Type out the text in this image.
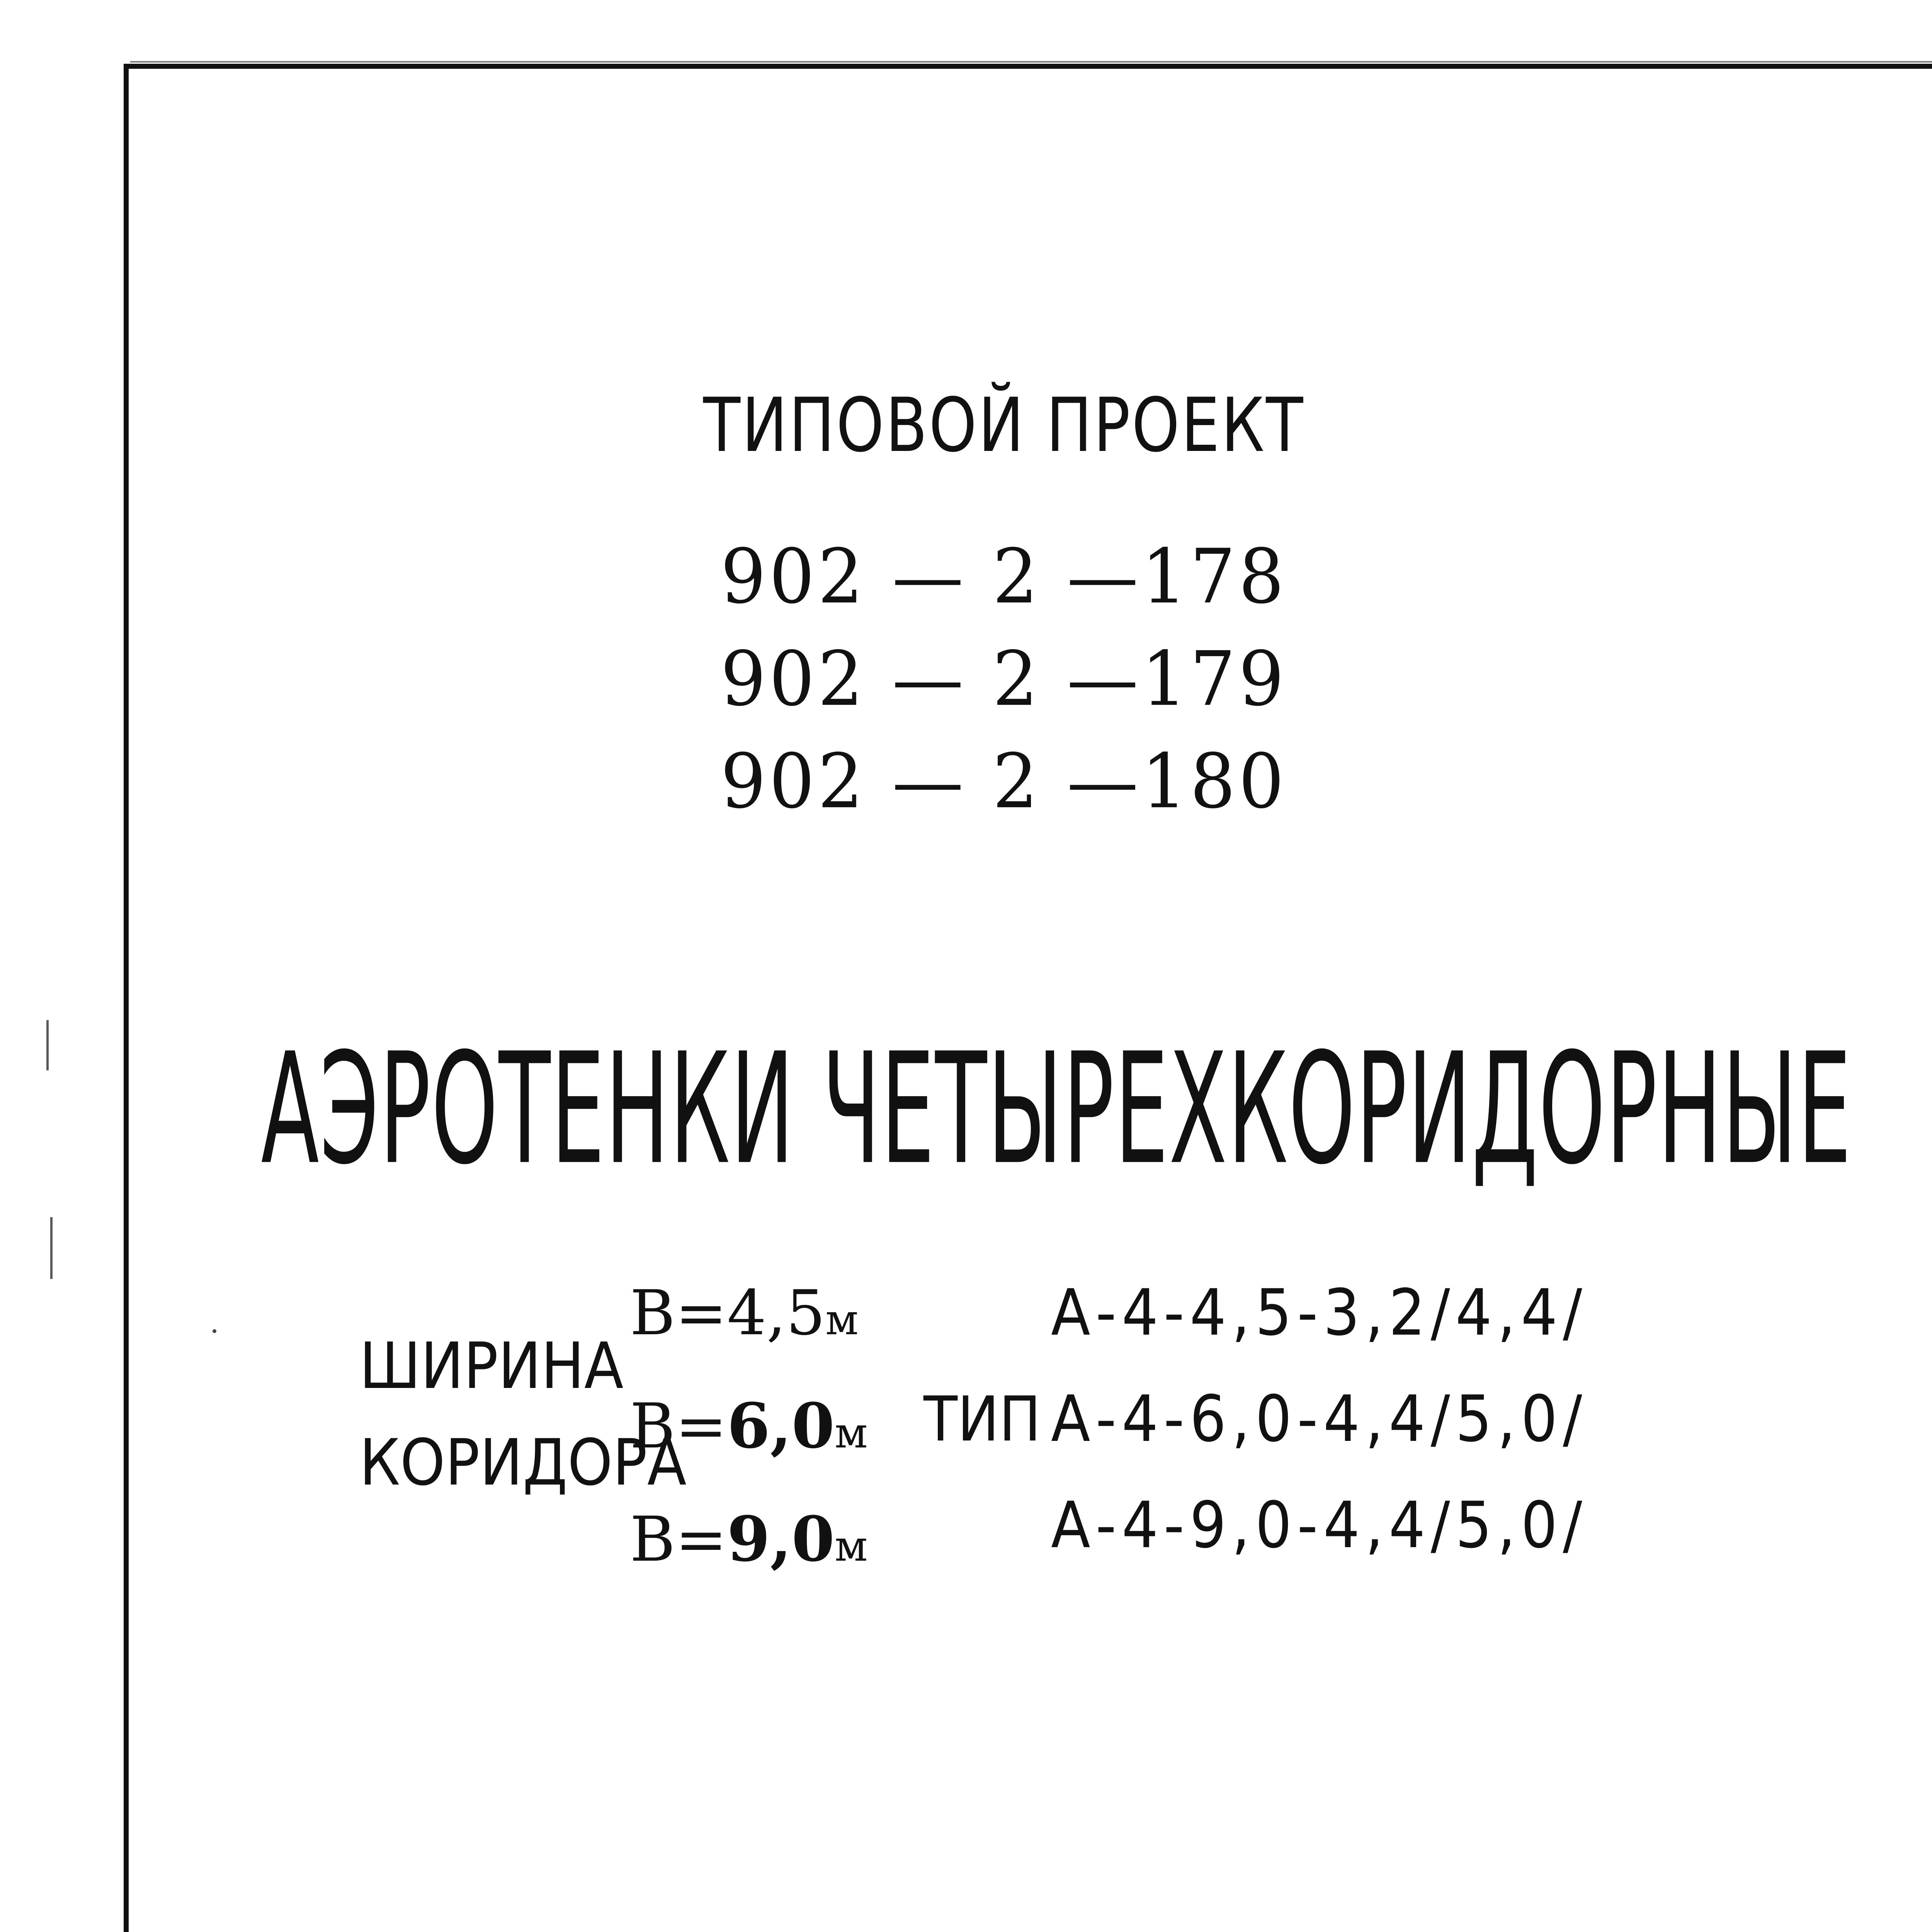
ТИПОВОЙ ПРОЕКТ
902 — 2 —178
902 — 2 —179
902 — 2 —180
АЭРОТЕНКИ ЧЕТЫРЕХКОРИДОРНЫЕ
ШИРИНА
КОРИДОРА
B=4,5м
B=6,0м
B=9,0м
ТИП
А-4-4,5-3,2/4,4/
А-4-6,0-4,4/5,0/
А-4-9,0-4,4/5,0/
